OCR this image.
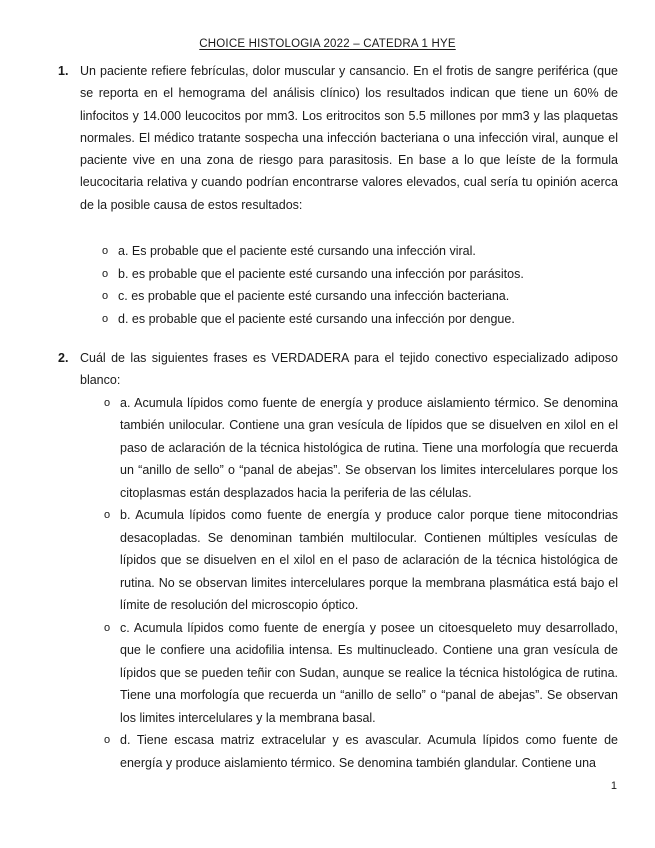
CHOICE HISTOLOGIA 2022 – CATEDRA 1 HYE
1. Un paciente refiere febrículas, dolor muscular y cansancio. En el frotis de sangre periférica (que se reporta en el hemograma del análisis clínico) los resultados indican que tiene un 60% de linfocitos y 14.000 leucocitos por mm3. Los eritrocitos son 5.5 millones por mm3 y las plaquetas normales. El médico tratante sospecha una infección bacteriana o una infección viral, aunque el paciente vive en una zona de riesgo para parasitosis. En base a lo que leíste de la formula leucocitaria relativa y cuando podrían encontrarse valores elevados, cual sería tu opinión acerca de la posible causa de estos resultados:
o a. Es probable que el paciente esté cursando una infección viral.
o b. es probable que el paciente esté cursando una infección por parásitos.
o c. es probable que el paciente esté cursando una infección bacteriana.
o d. es probable que el paciente esté cursando una infección por dengue.
2. Cuál de las siguientes frases es VERDADERA para el tejido conectivo especializado adiposo blanco:
o a. Acumula lípidos como fuente de energía y produce aislamiento térmico. Se denomina también unilocular. Contiene una gran vesícula de lípidos que se disuelven en xilol en el paso de aclaración de la técnica histológica de rutina. Tiene una morfología que recuerda un “anillo de sello” o “panal de abejas”. Se observan los limites intercelulares porque los citoplasmas están desplazados hacia la periferia de las células.
o b. Acumula lípidos como fuente de energía y produce calor porque tiene mitocondrias desacopladas. Se denominan también multilocular. Contienen múltiples vesículas de lípidos que se disuelven en el xilol en el paso de aclaración de la técnica histológica de rutina. No se observan limites intercelulares porque la membrana plasmática está bajo el límite de resolución del microscopio óptico.
o c. Acumula lípidos como fuente de energía y posee un citoesqueleto muy desarrollado, que le confiere una acidofilia intensa. Es multinucleado. Contiene una gran vesícula de lípidos que se pueden teñir con Sudan, aunque se realice la técnica histológica de rutina. Tiene una morfología que recuerda un “anillo de sello” o “panal de abejas”. Se observan los limites intercelulares y la membrana basal.
o d. Tiene escasa matriz extracelular y es avascular. Acumula lípidos como fuente de energía y produce aislamiento térmico. Se denomina también glandular. Contiene una
1
